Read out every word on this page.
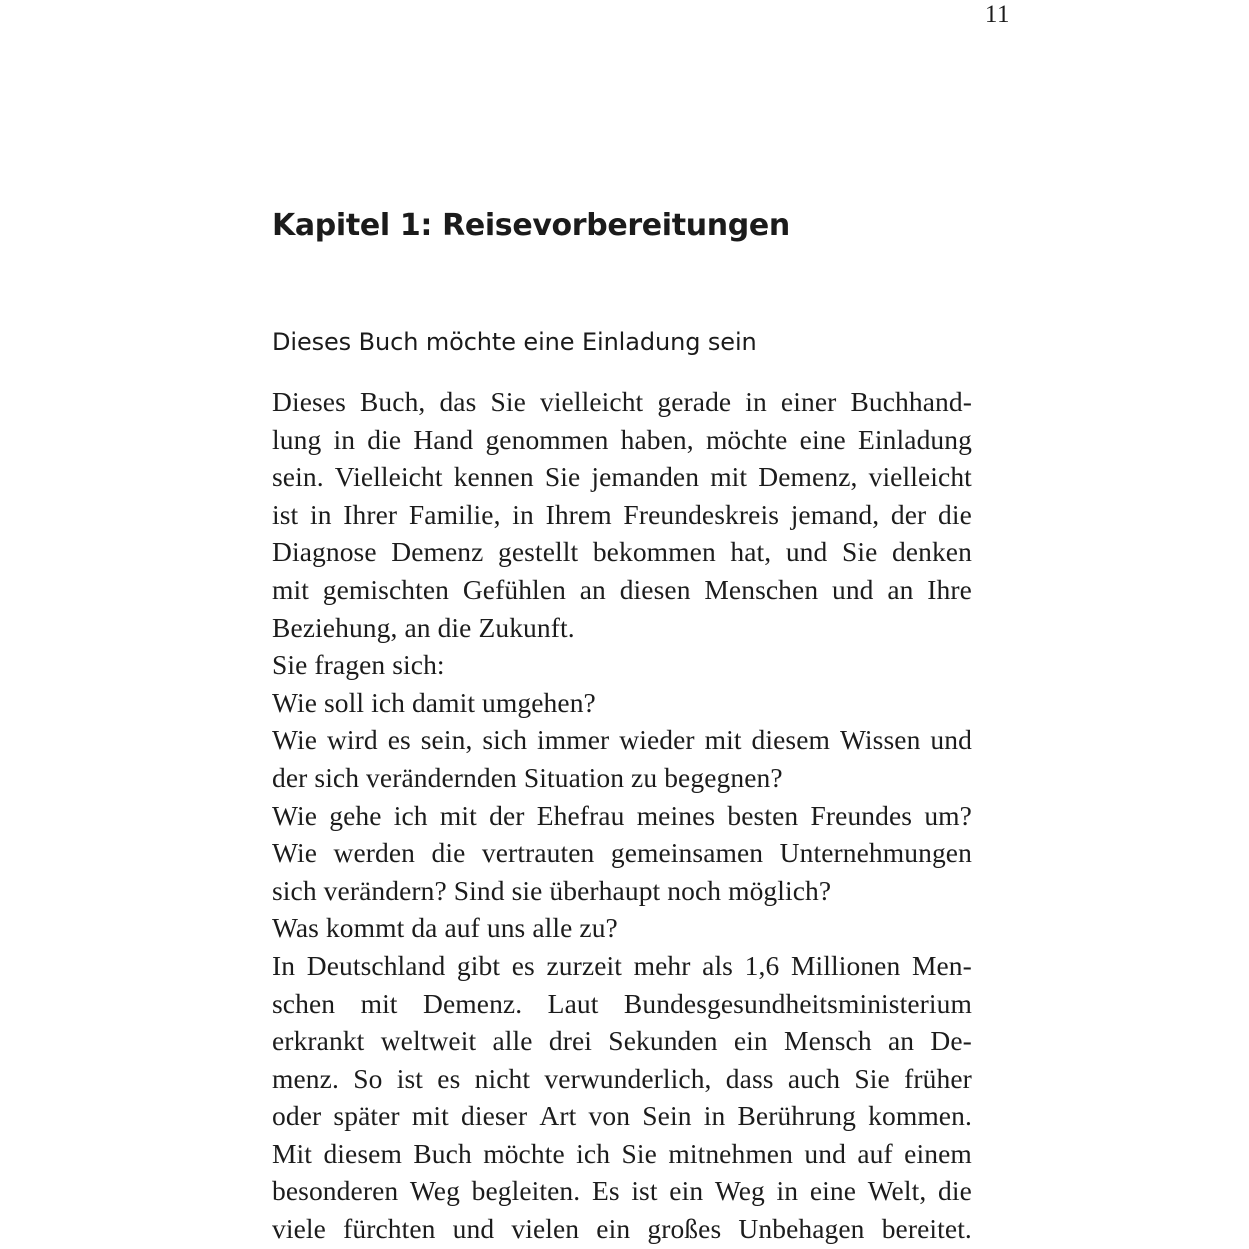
11
Kapitel 1: Reisevorbereitungen
Dieses Buch möchte eine Einladung sein
Dieses Buch, das Sie vielleicht gerade in einer Buchhand-
lung in die Hand genommen haben, möchte eine Einladung
sein. Vielleicht kennen Sie jemanden mit Demenz, vielleicht
ist in Ihrer Familie, in Ihrem Freundeskreis jemand, der die
Diagnose Demenz gestellt bekommen hat, und Sie denken
mit gemischten Gefühlen an diesen Menschen und an Ihre
Beziehung, an die Zukunft.
Sie fragen sich:
Wie soll ich damit umgehen?
Wie wird es sein, sich immer wieder mit diesem Wissen und
der sich verändernden Situation zu begegnen?
Wie gehe ich mit der Ehefrau meines besten Freundes um?
Wie werden die vertrauten gemeinsamen Unternehmungen
sich verändern? Sind sie überhaupt noch möglich?
Was kommt da auf uns alle zu?
In Deutschland gibt es zurzeit mehr als 1,6 Millionen Men-
schen mit Demenz. Laut Bundesgesundheitsministerium
erkrankt weltweit alle drei Sekunden ein Mensch an De-
menz. So ist es nicht verwunderlich, dass auch Sie früher
oder später mit dieser Art von Sein in Berührung kommen.
Mit diesem Buch möchte ich Sie mitnehmen und auf einem
besonderen Weg begleiten. Es ist ein Weg in eine Welt, die
viele fürchten und vielen ein großes Unbehagen bereitet.
